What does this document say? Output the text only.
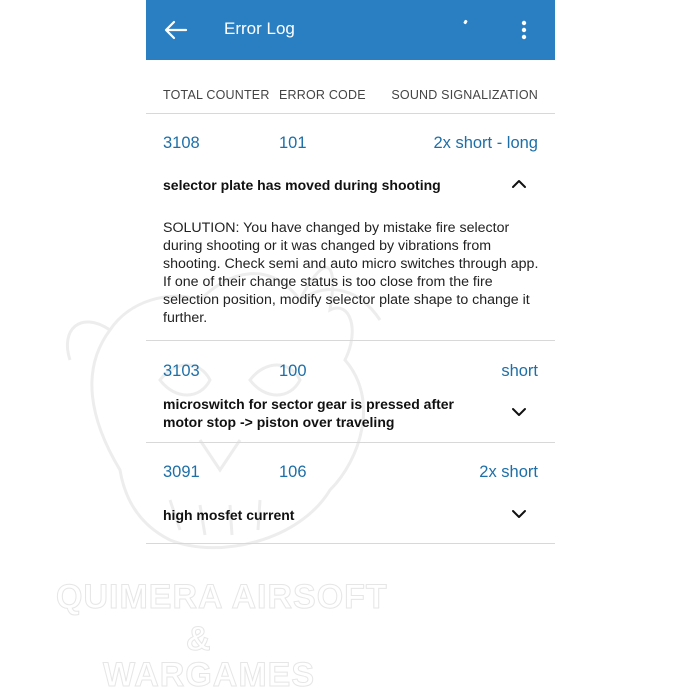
QUIMERA AIRSOFT
&
WARGAMES
Error Log
TOTAL COUNTER ERROR CODE SOUND SIGNALIZATION
3108	101	2x short - long
selector plate has moved during shooting
SOLUTION: You have changed by mistake fire selector during shooting or it was changed by vibrations from shooting. Check semi and auto micro switches through app. If one of their change status is too close from the fire selection position, modify selector plate shape to change it further.
3103	100	short
microswitch for sector gear is pressed after motor stop -> piston over traveling
3091	106	2x short
high mosfet current
